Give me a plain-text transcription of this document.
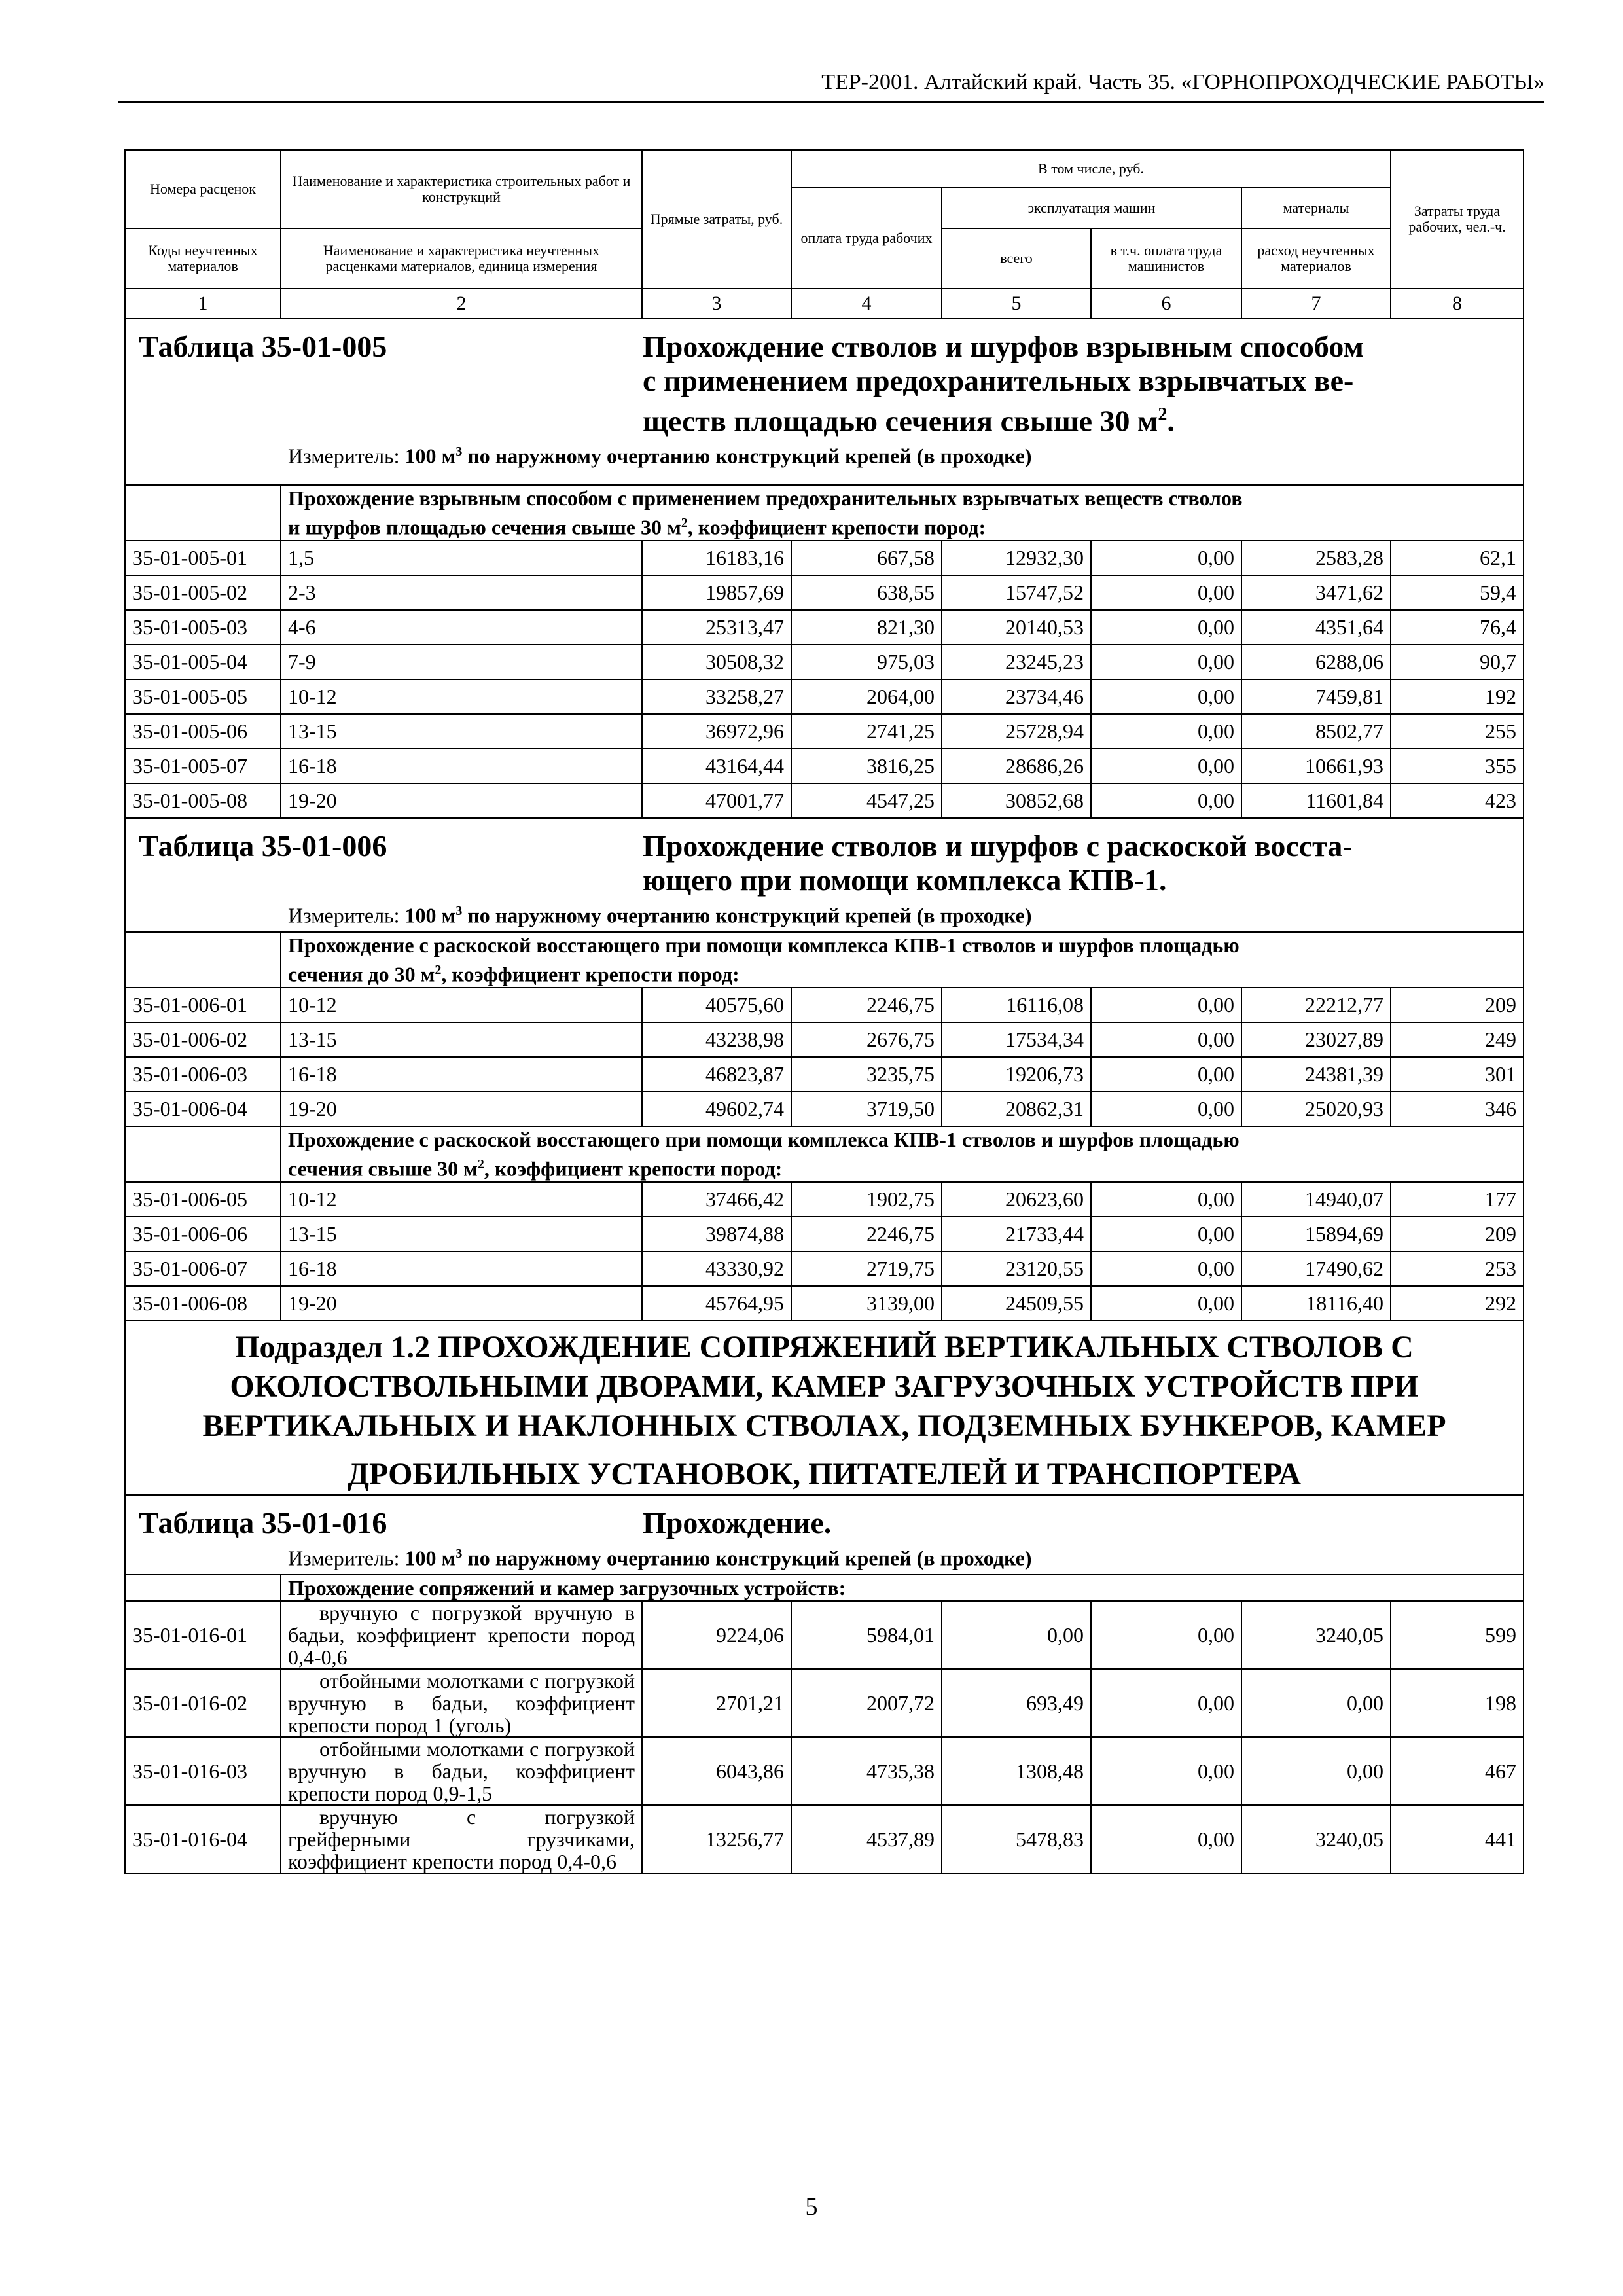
ТЕР-2001. Алтайский край. Часть 35. «ГОРНОПРОХОДЧЕСКИЕ РАБОТЫ»
Номера расценок	Наименование и характеристика строительных работ и конструкций	Прямые затраты, руб.	В том числе, руб.				Затраты труда рабочих, чел.-ч.
			оплата труда рабочих	эксплуатация машин		материалы	
Коды неучтенных материалов	Наименование и характеристика неучтенных расценками материалов, единица измерения			всего	в т.ч. оплата труда машинистов	расход неучтенных материалов	
1	2	3	4	5	6	7	8

Таблица 35-01-005 Прохождение стволов и шурфов взрывным способом
с применением предохранительных взрывчатых ве-
ществ площадью сечения свыше 30 $м^2$.
Измеритель: 100 $м^3$ по наружному очертанию конструкций крепей (в проходке)							

	Прохождение взрывным способом с применением предохранительных взрывчатых веществ стволов
и шурфов площадью сечения свыше 30 $м^2$, коэффициент крепости пород:						

35-01-005-01	1,5	16183,16	667,58	12932,30	0,00	2583,28	62,1
35-01-005-02	2-3	19857,69	638,55	15747,52	0,00	3471,62	59,4
35-01-005-03	4-6	25313,47	821,30	20140,53	0,00	4351,64	76,4
35-01-005-04	7-9	30508,32	975,03	23245,23	0,00	6288,06	90,7
35-01-005-05	10-12	33258,27	2064,00	23734,46	0,00	7459,81	192
35-01-005-06	13-15	36972,96	2741,25	25728,94	0,00	8502,77	255
35-01-005-07	16-18	43164,44	3816,25	28686,26	0,00	10661,93	355
35-01-005-08	19-20	47001,77	4547,25	30852,68	0,00	11601,84	423

Таблица 35-01-006 Прохождение стволов и шурфов с раскоской восста-
ющего при помощи комплекса КПВ-1.
Измеритель: 100 $м^3$ по наружному очертанию конструкций крепей (в проходке)							

	Прохождение с раскоской восстающего при помощи комплекса КПВ-1 стволов и шурфов площадью
сечения до 30 $м^2$, коэффициент крепости пород:						

35-01-006-01	10-12	40575,60	2246,75	16116,08	0,00	22212,77	209
35-01-006-02	13-15	43238,98	2676,75	17534,34	0,00	23027,89	249
35-01-006-03	16-18	46823,87	3235,75	19206,73	0,00	24381,39	301
35-01-006-04	19-20	49602,74	3719,50	20862,31	0,00	25020,93	346

	Прохождение с раскоской восстающего при помощи комплекса КПВ-1 стволов и шурфов площадью
сечения свыше 30 $м^2$, коэффициент крепости пород:						

35-01-006-05	10-12	37466,42	1902,75	20623,60	0,00	14940,07	177
35-01-006-06	13-15	39874,88	2246,75	21733,44	0,00	15894,69	209
35-01-006-07	16-18	43330,92	2719,75	23120,55	0,00	17490,62	253
35-01-006-08	19-20	45764,95	3139,00	24509,55	0,00	18116,40	292

Подраздел 1.2 ПРОХОЖДЕНИЕ СОПРЯЖЕНИЙ ВЕРТИКАЛЬНЫХ СТВОЛОВ С
ОКОЛОСТВОЛЬНЫМИ ДВОРАМИ, КАМЕР ЗАГРУЗОЧНЫХ УСТРОЙСТВ ПРИ
ВЕРТИКАЛЬНЫХ И НАКЛОННЫХ СТВОЛАХ, ПОДЗЕМНЫХ БУНКЕРОВ, КАМЕР
ДРОБИЛЬНЫХ УСТАНОВОК, ПИТАТЕЛЕЙ И ТРАНСПОРТЕРА							

Таблица 35-01-016 Прохождение.
Измеритель: 100 $м^3$ по наружному очертанию конструкций крепей (в проходке)							

	Прохождение сопряжений и камер загрузочных устройств:						

35-01-016-01	вручную с погрузкой вручную в бадьи, коэффициент крепости пород 0,4-0,6	9224,06	5984,01	0,00	0,00	3240,05	599
35-01-016-02	отбойными молотками с погрузкой вручную в бадьи, коэффициент крепости пород 1 (уголь)	2701,21	2007,72	693,49	0,00	0,00	198
35-01-016-03	отбойными молотками с погрузкой вручную в бадьи, коэффициент крепости пород 0,9-1,5	6043,86	4735,38	1308,48	0,00	0,00	467
35-01-016-04	вручную с погрузкой грейферными грузчиками, коэффициент крепости пород 0,4-0,6	13256,77	4537,89	5478,83	0,00	3240,05	441
5
